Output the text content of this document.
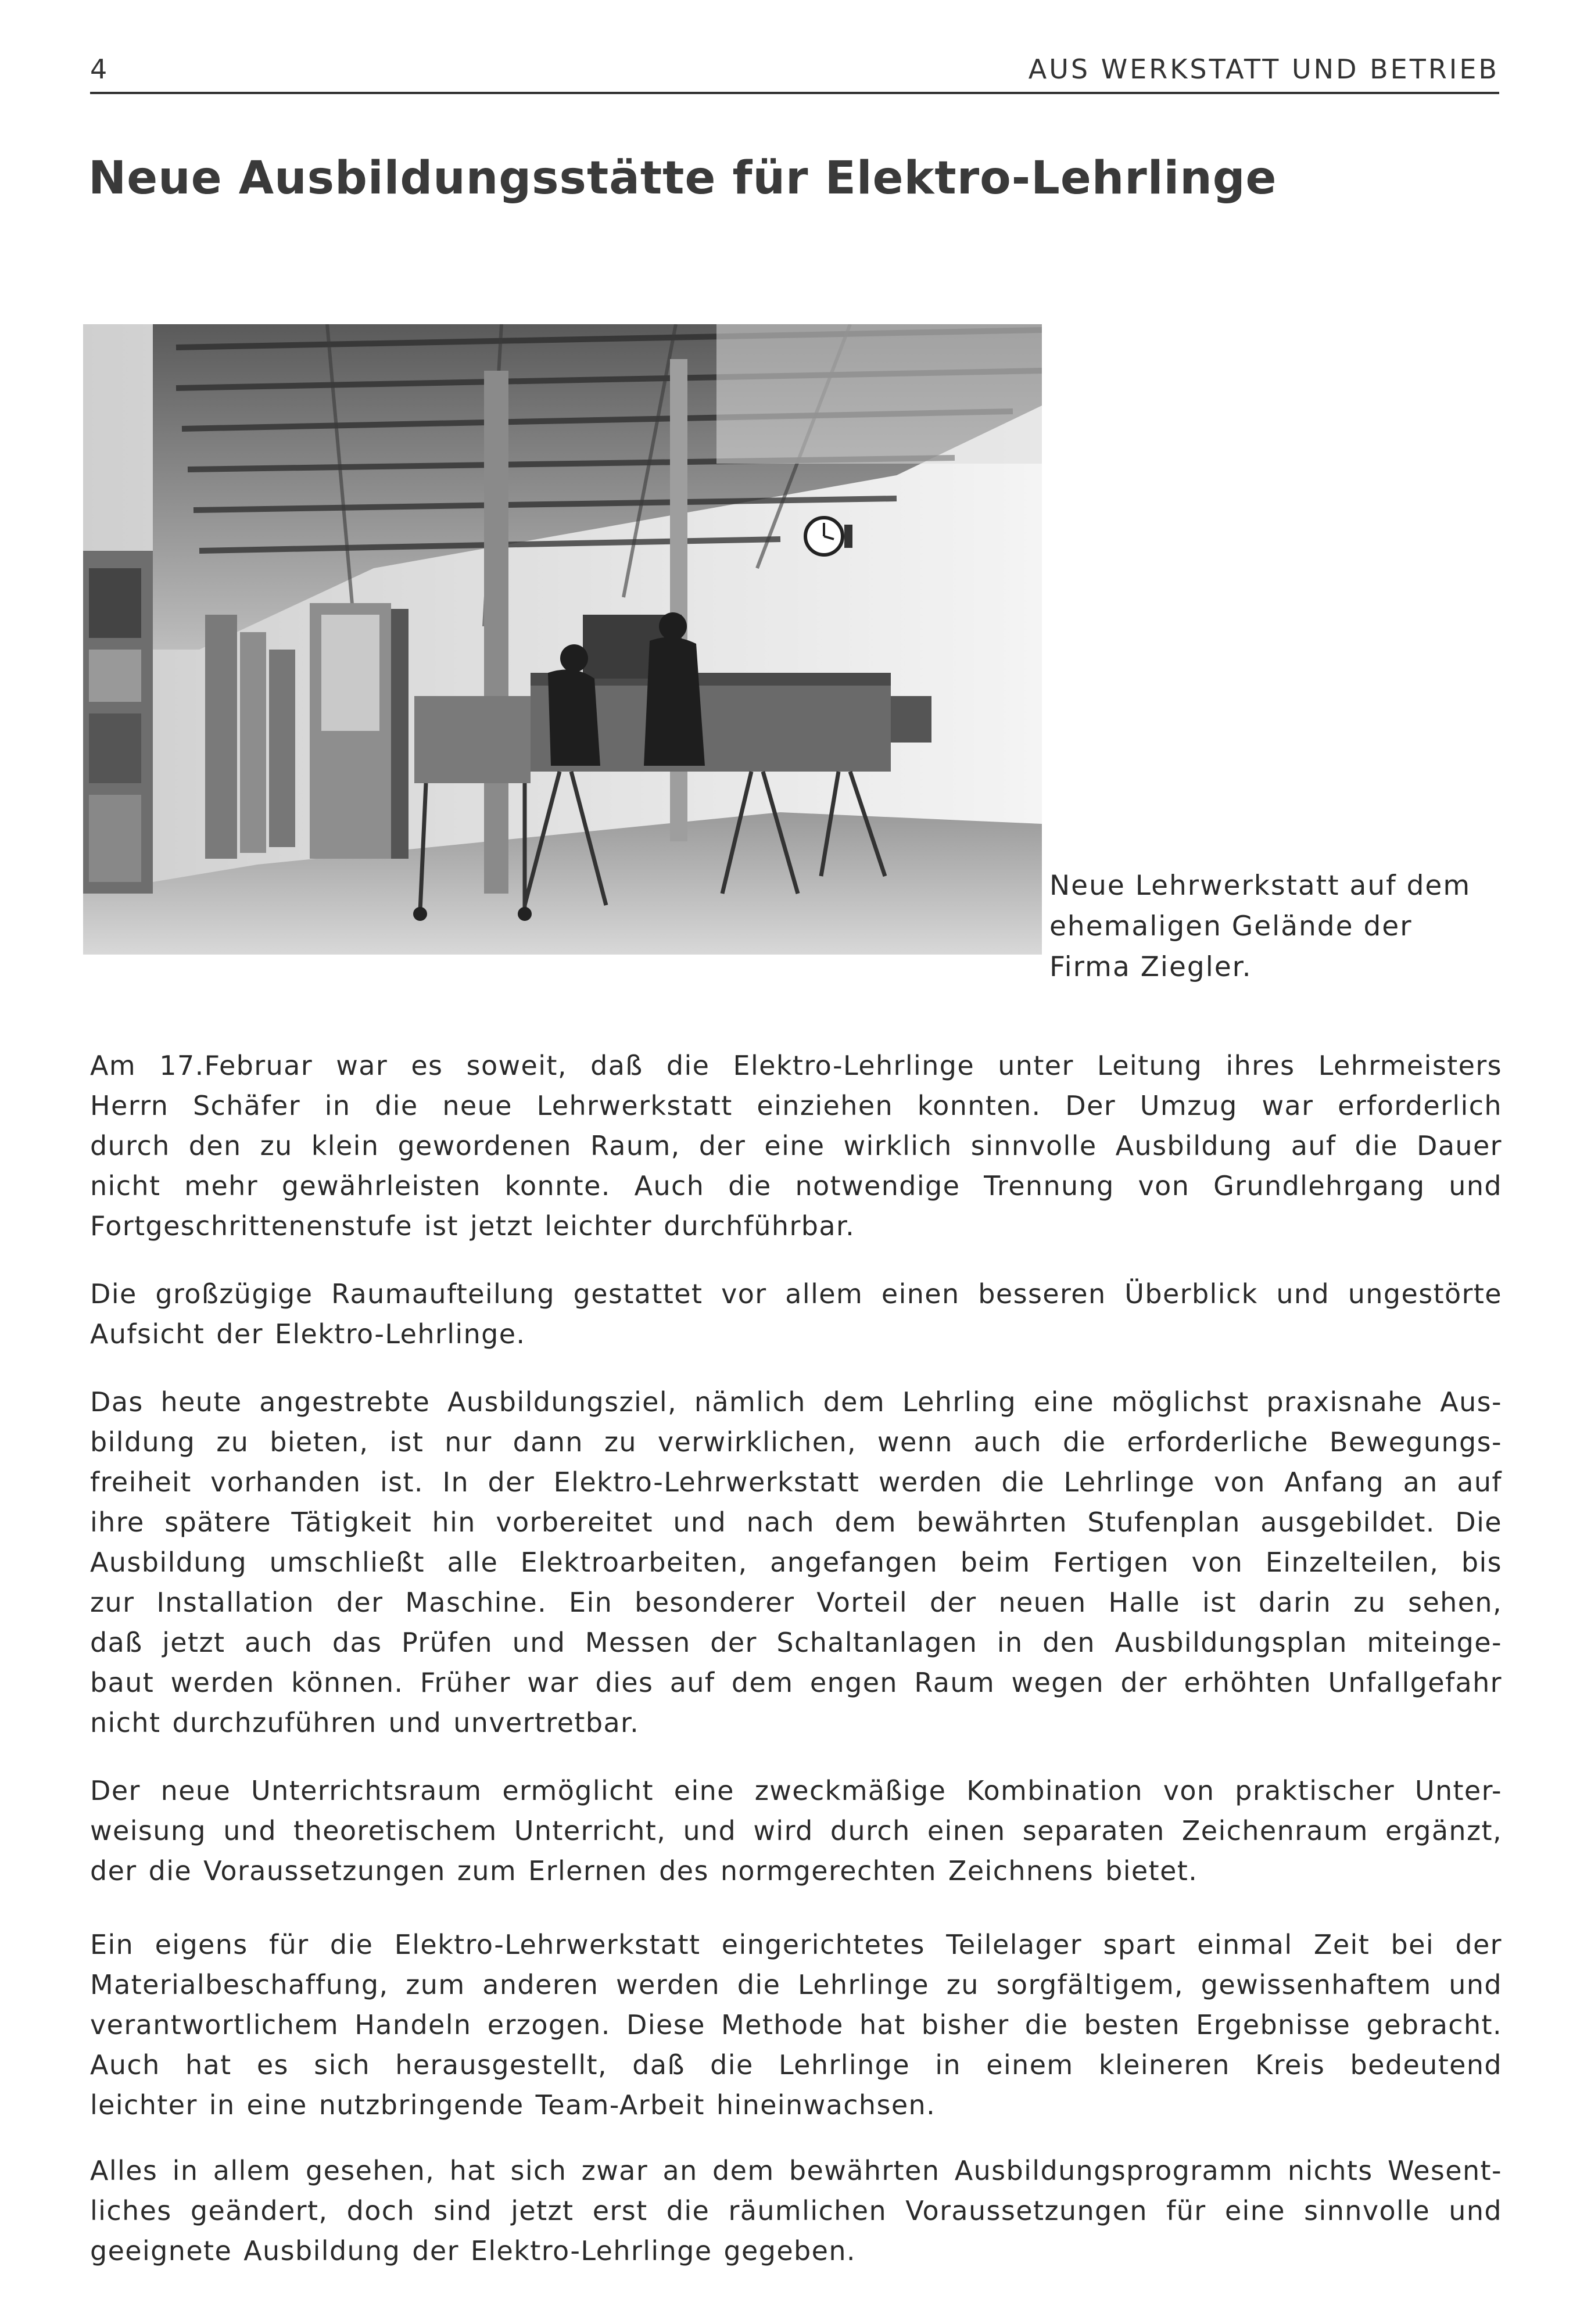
4	AUS WERKSTATT UND BETRIEB
Neue Ausbildungsstätte für Elektro-Lehrlinge
Neue Lehrwerkstatt auf dem
ehemaligen Gelände der
Firma Ziegler.
Am 17.Februar war es soweit, daß die Elektro-Lehrlinge unter Leitung ihres Lehrmeisters
Herrn Schäfer in die neue Lehrwerkstatt einziehen konnten. Der Umzug war erforderlich
durch den zu klein gewordenen Raum, der eine wirklich sinnvolle Ausbildung auf die Dauer
nicht mehr gewährleisten konnte. Auch die notwendige Trennung von Grundlehrgang und
Fortgeschrittenenstufe ist jetzt leichter durchführbar.
Die großzügige Raumaufteilung gestattet vor allem einen besseren Überblick und ungestörte
Aufsicht der Elektro-Lehrlinge.
Das heute angestrebte Ausbildungsziel, nämlich dem Lehrling eine möglichst praxisnahe Aus-
bildung zu bieten, ist nur dann zu verwirklichen, wenn auch die erforderliche Bewegungs-
freiheit vorhanden ist. In der Elektro-Lehrwerkstatt werden die Lehrlinge von Anfang an auf
ihre spätere Tätigkeit hin vorbereitet und nach dem bewährten Stufenplan ausgebildet. Die
Ausbildung umschließt alle Elektroarbeiten, angefangen beim Fertigen von Einzelteilen, bis
zur Installation der Maschine. Ein besonderer Vorteil der neuen Halle ist darin zu sehen,
daß jetzt auch das Prüfen und Messen der Schaltanlagen in den Ausbildungsplan miteinge-
baut werden können. Früher war dies auf dem engen Raum wegen der erhöhten Unfallgefahr
nicht durchzuführen und unvertretbar.
Der neue Unterrichtsraum ermöglicht eine zweckmäßige Kombination von praktischer Unter-
weisung und theoretischem Unterricht, und wird durch einen separaten Zeichenraum ergänzt,
der die Voraussetzungen zum Erlernen des normgerechten Zeichnens bietet.
Ein eigens für die Elektro-Lehrwerkstatt eingerichtetes Teilelager spart einmal Zeit bei der
Materialbeschaffung, zum anderen werden die Lehrlinge zu sorgfältigem, gewissenhaftem und
verantwortlichem Handeln erzogen. Diese Methode hat bisher die besten Ergebnisse gebracht.
Auch hat es sich herausgestellt, daß die Lehrlinge in einem kleineren Kreis bedeutend
leichter in eine nutzbringende Team-Arbeit hineinwachsen.
Alles in allem gesehen, hat sich zwar an dem bewährten Ausbildungsprogramm nichts Wesent-
liches geändert, doch sind jetzt erst die räumlichen Voraussetzungen für eine sinnvolle und
geeignete Ausbildung der Elektro-Lehrlinge gegeben.
